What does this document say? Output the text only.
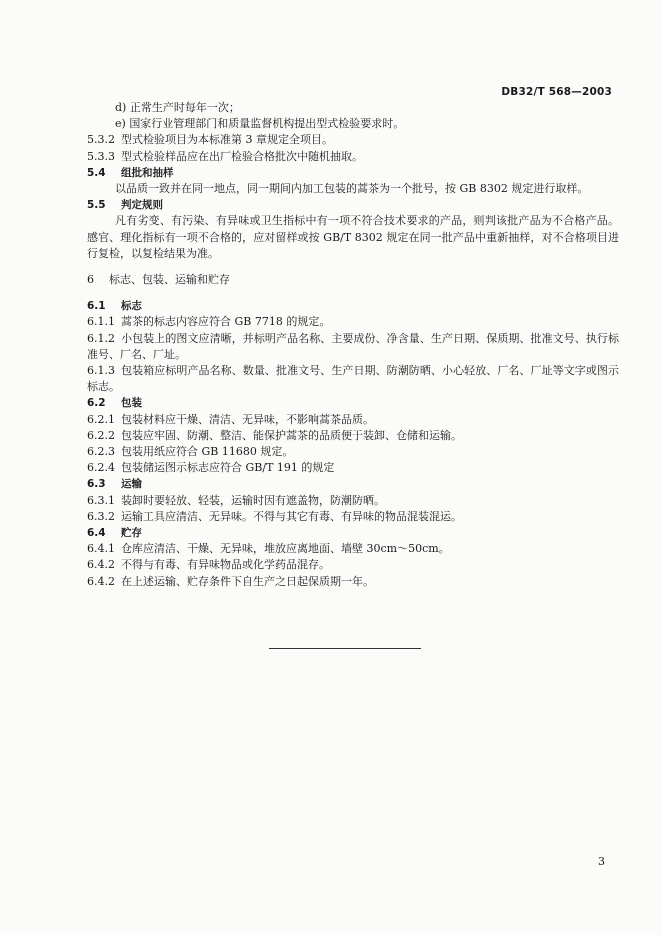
DB32/T 568—2003
d) 正常生产时每年一次；
e) 国家行业管理部门和质量监督机构提出型式检验要求时。
5.3.2 型式检验项目为本标准第 3 章规定全项目。
5.3.3 型式检验样品应在出厂检验合格批次中随机抽取。
5.4 组批和抽样
以品质一致并在同一地点，同一期间内加工包装的蒿茶为一个批号，按 GB 8302 规定进行取样。
5.5 判定规则
凡有劣变、有污染、有异味或卫生指标中有一项不符合技术要求的产品，则判该批产品为不合格产品。感官、理化指标有一项不合格的，应对留样或按 GB/T 8302 规定在同一批产品中重新抽样，对不合格项目进行复检，以复检结果为准。
6 标志、包装、运输和贮存
6.1 标志
6.1.1 蒿茶的标志内容应符合 GB 7718 的规定。
6.1.2 小包装上的图文应清晰，并标明产品名称、主要成份、净含量、生产日期、保质期、批准文号、执行标准号、厂名、厂址。
6.1.3 包装箱应标明产品名称、数量、批准文号、生产日期、防潮防晒、小心轻放、厂名、厂址等文字或图示标志。
6.2 包装
6.2.1 包装材料应干燥、清洁、无异味，不影响蒿茶品质。
6.2.2 包装应牢固、防潮、整洁、能保护蒿茶的品质便于装卸、仓储和运输。
6.2.3 包装用纸应符合 GB 11680 规定。
6.2.4 包装储运图示标志应符合 GB/T 191 的规定
6.3 运输
6.3.1 装卸时要轻放、轻装，运输时因有遮盖物，防潮防晒。
6.3.2 运输工具应清洁、无异味。不得与其它有毒、有异味的物品混装混运。
6.4 贮存
6.4.1 仓库应清洁、干燥、无异味，堆放应离地面、墙壁 30cm～50cm。
6.4.2 不得与有毒、有异味物品或化学药品混存。
6.4.2 在上述运输、贮存条件下自生产之日起保质期一年。
3
